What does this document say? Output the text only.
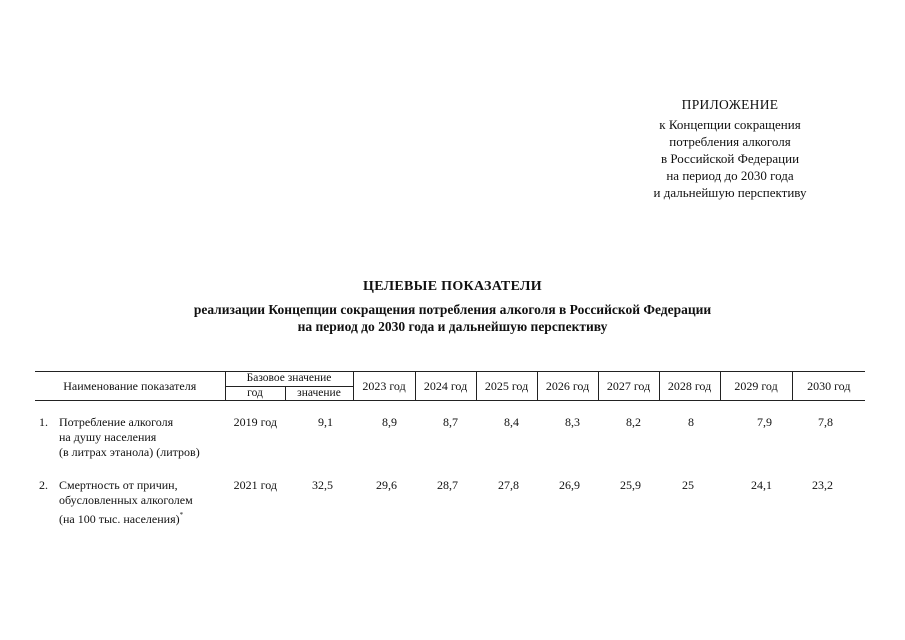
ПРИЛОЖЕНИЕ
к Концепции сокращения
потребления алкоголя
в Российской Федерации
на период до 2030 года
и дальнейшую перспективу
ЦЕЛЕВЫЕ ПОКАЗАТЕЛИ
реализации Концепции сокращения потребления алкоголя в Российской Федерации
на период до 2030 года и дальнейшую перспективу
Наименование показателя	Базовое значение		2023 год	2024 год	2025 год	2026 год	2027 год	2028 год	2029 год	2030 год
	год	значение								

1. Потребление алкоголя
на душу населения
(в литрах этанола) (литров)	2019 год	9,1	8,9	8,7	8,4	8,3	8,2	8	7,9	7,8

2. Смертность от причин,
обусловленных алкоголем
(на 100 тыс. населения)*	2021 год	32,5	29,6	28,7	27,8	26,9	25,9	25	24,1	23,2
